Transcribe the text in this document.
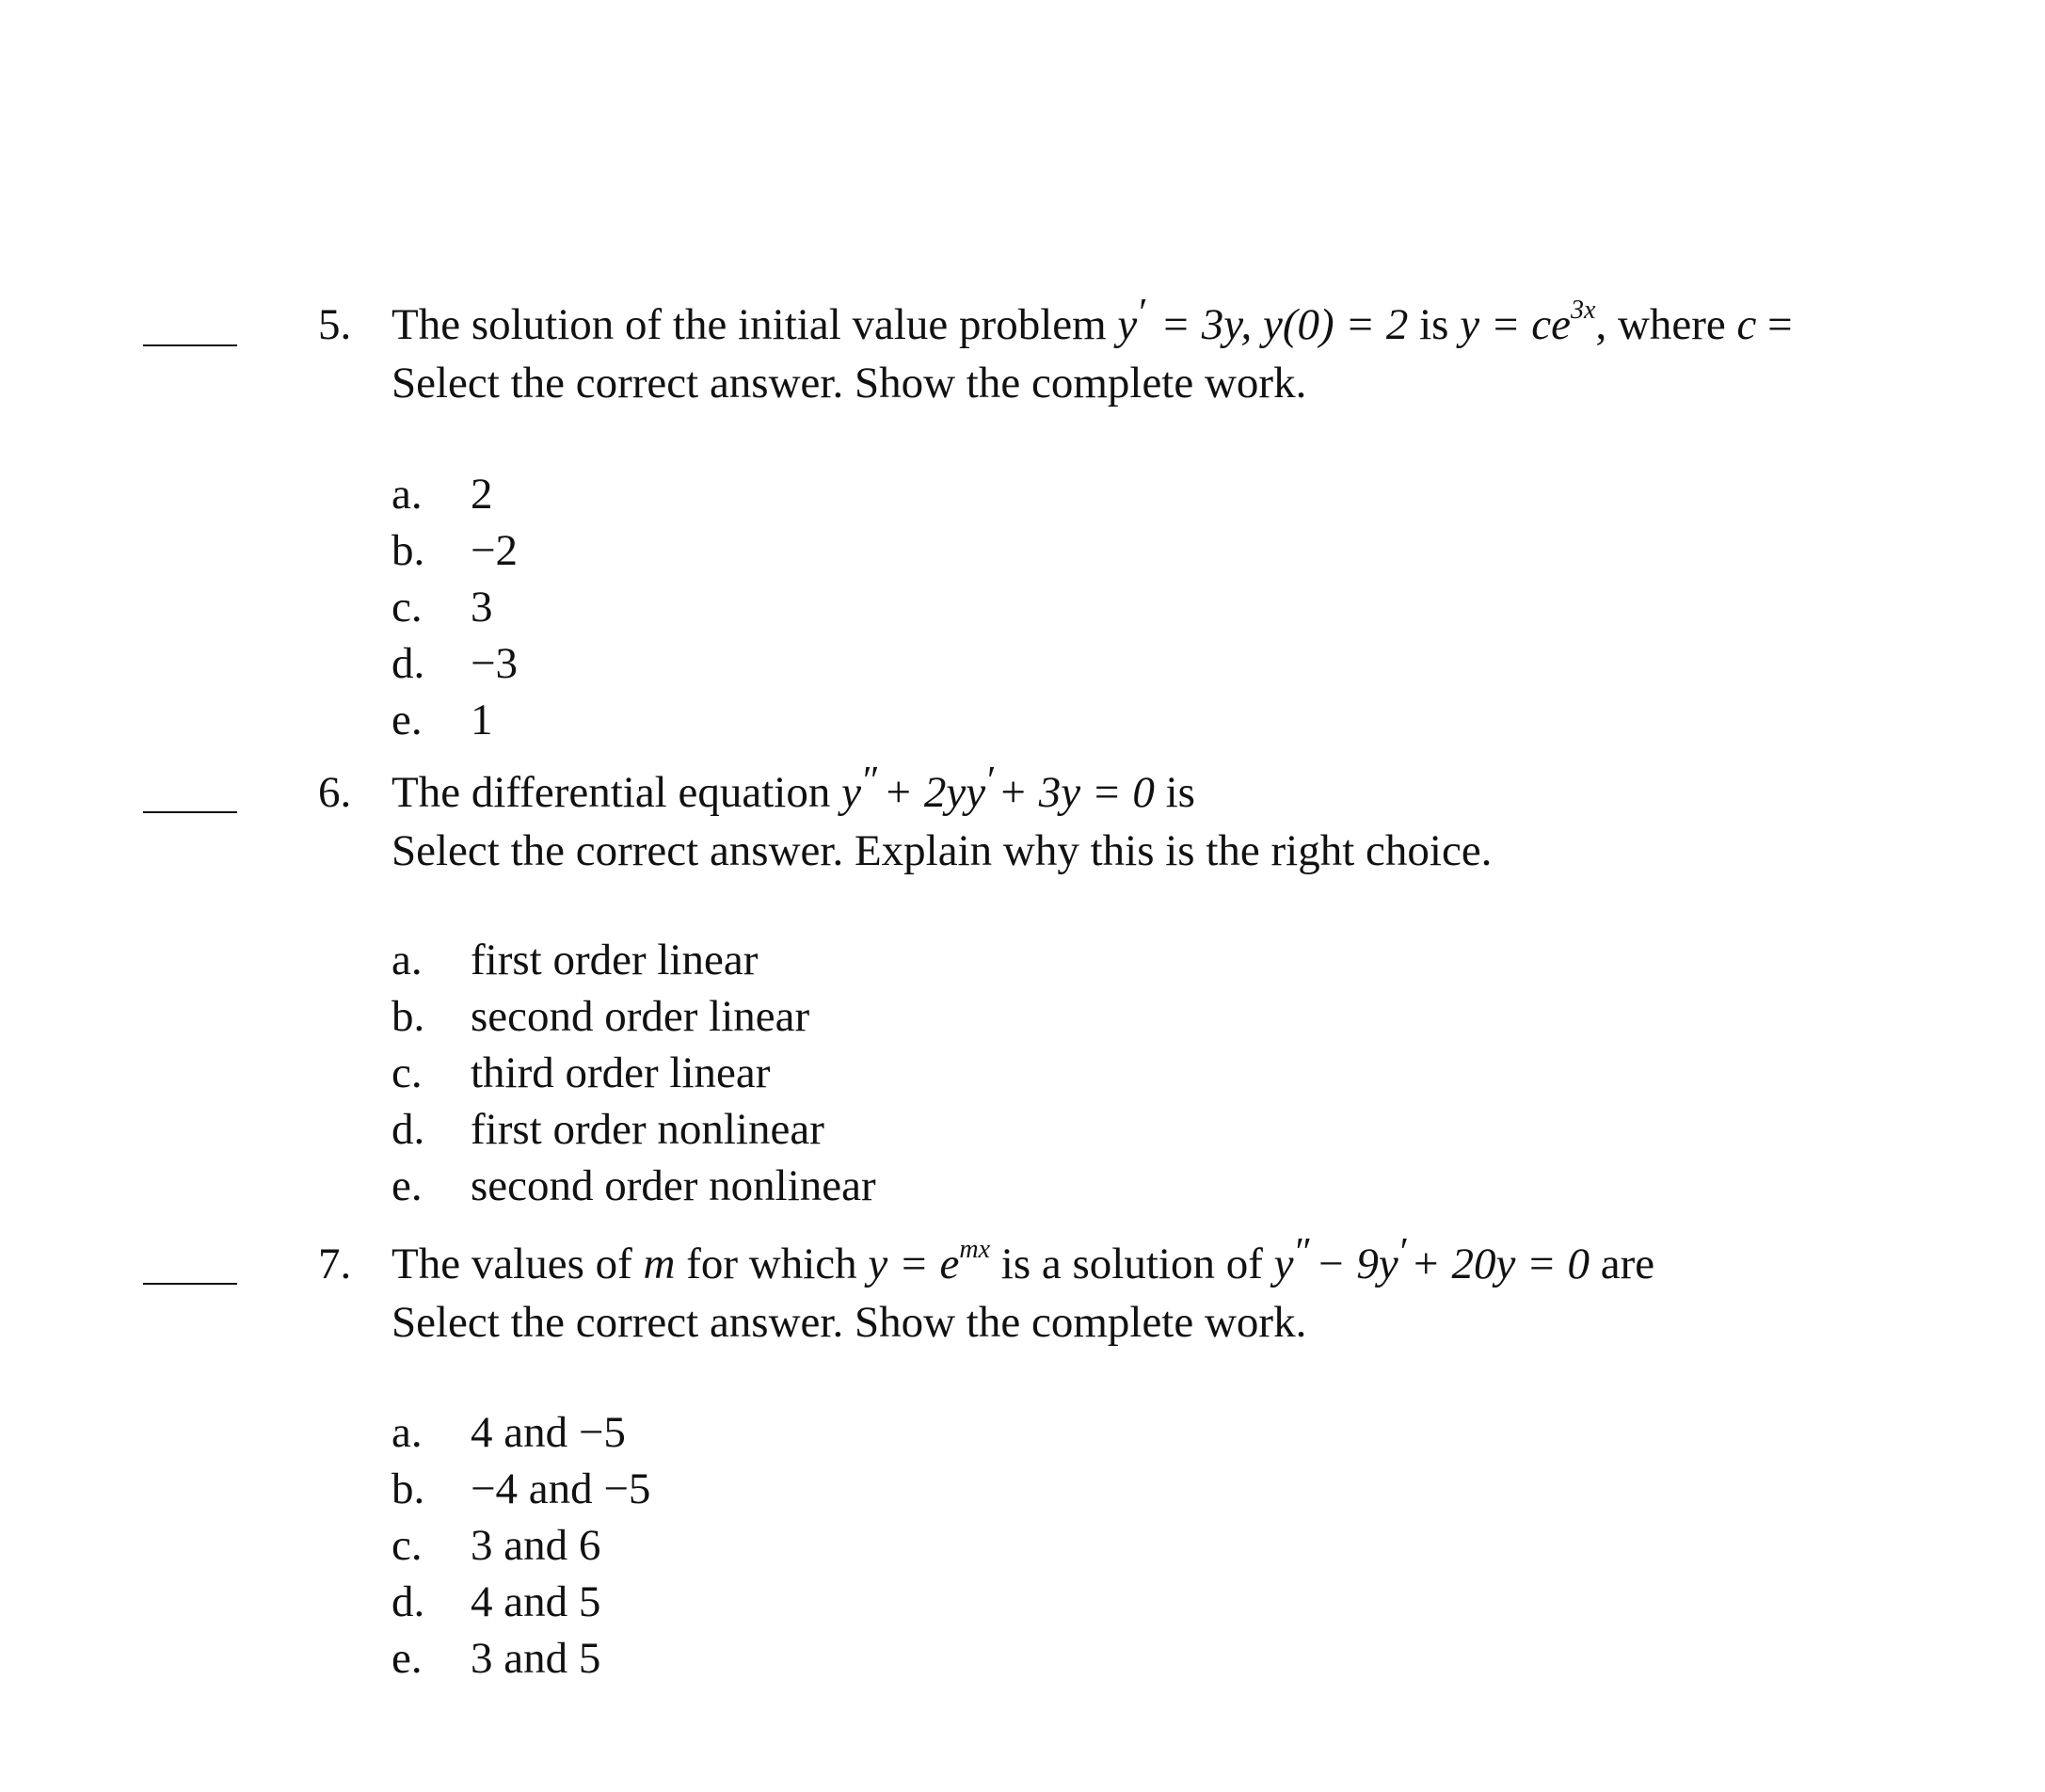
5. The solution of the initial value problem y′ = 3y, y(0) = 2 is $y = ce^{3x}$, where c =
Select the correct answer. Show the complete work.
a. 2
b. −2
c. 3
d. −3
e. 1
6. The differential equation y″+ 2yy′+ 3y = 0 is
Select the correct answer. Explain why this is the right choice.
a. first order linear
b. second order linear
c. third order linear
d. first order nonlinear
e. second order nonlinear
7. The values of m for which $y = e^{mx}$ is a solution of y″− 9y′+ 20y = 0 are
Select the correct answer. Show the complete work.
a. 4 and −5
b. −4 and −5
c. 3 and 6
d. 4 and 5
e. 3 and 5
